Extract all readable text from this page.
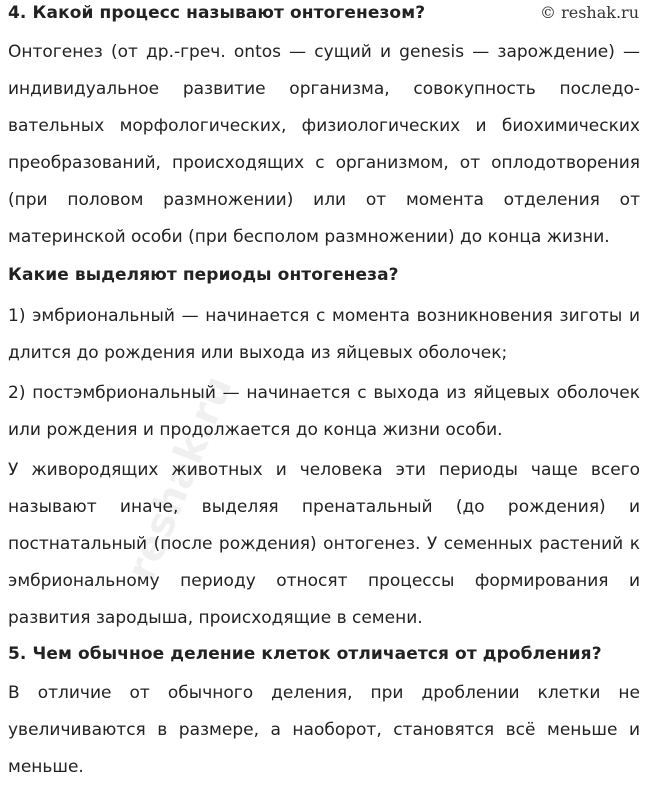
© reshak.ru
4. Какой процесс называют онтогенезом?

Онтогенез (от др.-греч. ontos — сущий и genesis — зарождение) — индивидуальное развитие организма, совокупность последо-вательных морфологических, физиологических и биохимических преобразований, происходящих с организмом, от оплодотворения (при половом размножении) или от момента отделения от материнской особи (при бесполом размножении) до конца жизни.

Какие выделяют периоды онтогенеза?

1) эмбриональный — начинается с момента возникновения зиготы и длится до рождения или выхода из яйцевых оболочек;

2) постэмбриональный — начинается с выхода из яйцевых оболочек или рождения и продолжается до конца жизни особи.

У живородящих животных и человека эти периоды чаще всего называют иначе, выделяя пренатальный (до рождения) и постнатальный (после рождения) онтогенез. У семенных растений к эмбриональному периоду относят процессы формирования и развития зародыша, происходящие в семени.

5. Чем обычное деление клеток отличается от дробления?

В отличие от обычного деления, при дроблении клетки не увеличиваются в размере, а наоборот, становятся всё меньше и меньше.

reshak.ru
